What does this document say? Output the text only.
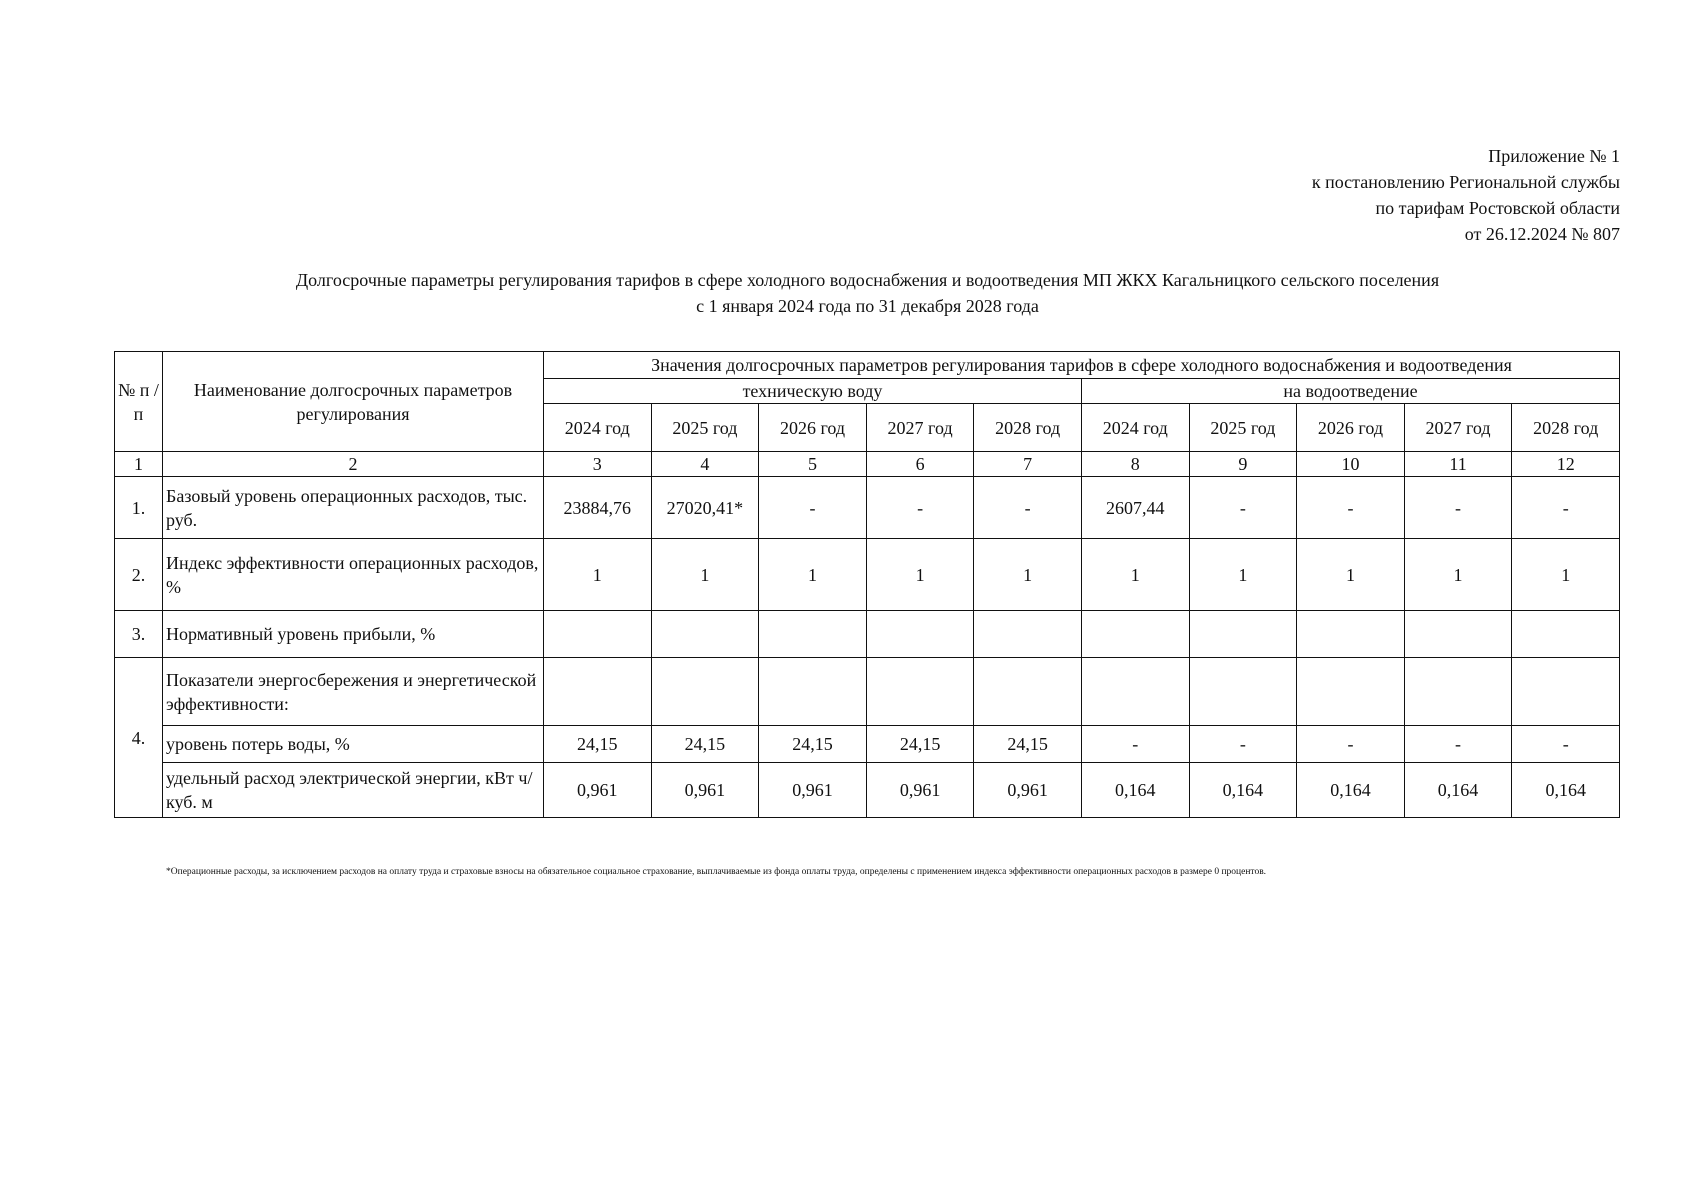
Приложение № 1
к постановлению Региональной службы
по тарифам Ростовской области
от 26.12.2024 № 807
Долгосрочные параметры регулирования тарифов в сфере холодного водоснабжения и водоотведения МП ЖКХ Кагальницкого сельского поселения
с 1 января 2024 года по 31 декабря 2028 года
№ п /п	Наименование долгосрочных параметров регулирования	Значения долгосрочных параметров регулирования тарифов в сфере холодного водоснабжения и водоотведения									
		техническую воду					на водоотведение				
		2024 год	2025 год	2026 год	2027 год	2028 год	2024 год	2025 год	2026 год	2027 год	2028 год
1	2	3	4	5	6	7	8	9	10	11	12
1.	Базовый уровень операционных расходов, тыс. руб.	23884,76	27020,41*	-	-	-	2607,44	-	-	-	-
2.	Индекс эффективности операционных расходов, %	1	1	1	1	1	1	1	1	1	1
3.	Нормативный уровень прибыли, %										
4.	Показатели энергосбережения и энергетической эффективности:										
	уровень потерь воды, %	24,15	24,15	24,15	24,15	24,15	-	-	-	-	-
	удельный расход электрической энергии, кВт ч/куб. м	0,961	0,961	0,961	0,961	0,961	0,164	0,164	0,164	0,164	0,164
*Операционные расходы, за исключением расходов на оплату труда и страховые взносы на обязательное социальное страхование, выплачиваемые из фонда оплаты труда, определены с применением индекса эффективности операционных расходов в размере 0 процентов.
